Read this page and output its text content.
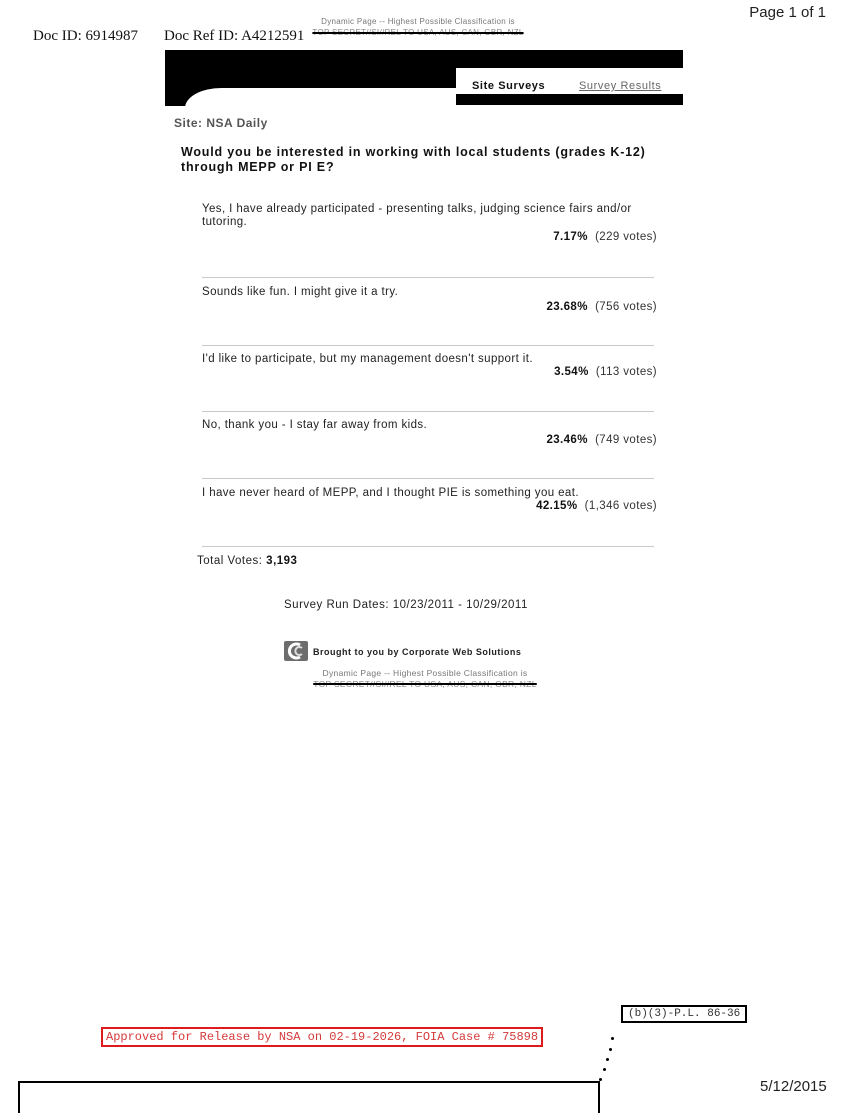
Page 1 of 1
Doc ID: 6914987
Dynamic Page -- Highest Possible Classification is
TOP SECRET//SI//REL TO USA, AUS, CAN, GBR, NZL
Doc Ref ID: A4212591
Site Surveys	Survey Results
Site: NSA Daily
Would you be interested in working with local students (grades K-12) through MEPP or PI E?
Yes, I have already participated - presenting talks, judging science fairs and/or tutoring.
7.17% (229 votes)
Sounds like fun. I might give it a try.
23.68% (756 votes)
I'd like to participate, but my management doesn't support it.
3.54% (113 votes)
No, thank you - I stay far away from kids.
23.46% (749 votes)
I have never heard of MEPP, and I thought PIE is something you eat.
42.15% (1,346 votes)
Total Votes: 3,193
Survey Run Dates: 10/23/2011 - 10/29/2011
Brought to you by Corporate Web Solutions
Dynamic Page -- Highest Possible Classification is
TOP SECRET//SI//REL TO USA, AUS, CAN, GBR, NZL
(b)(3)-P.L. 86-36
Approved for Release by NSA on 02-19-2026, FOIA Case # 75898
5/12/2015
